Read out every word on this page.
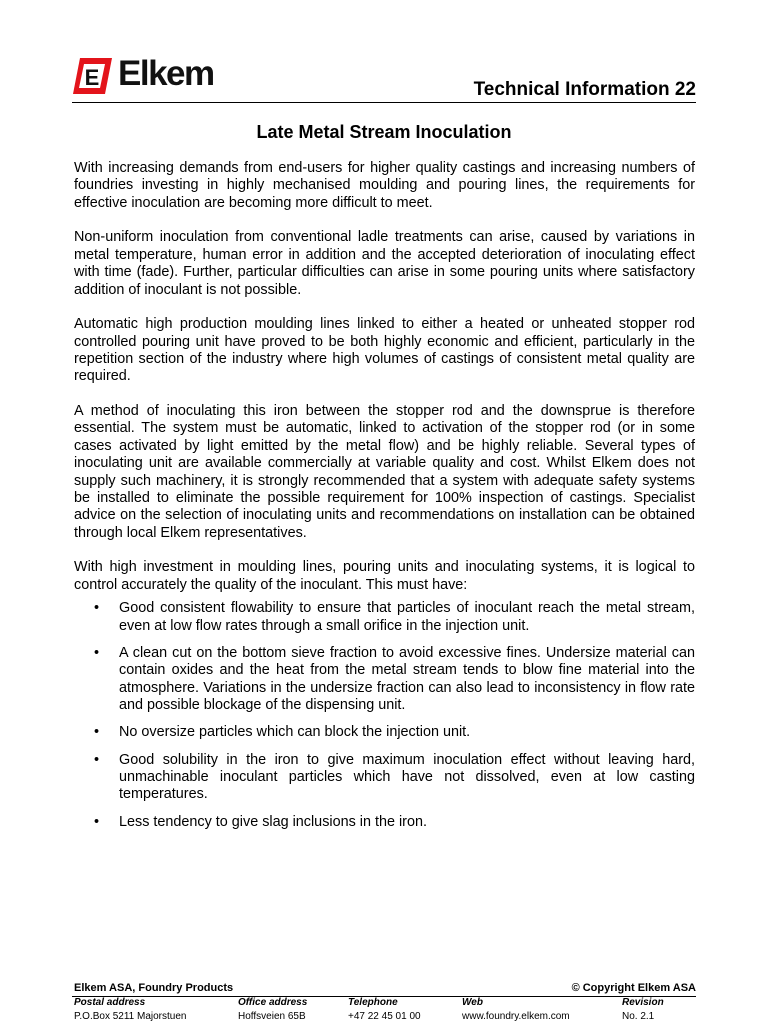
E Elkem	Technical Information 22
Late Metal Stream Inoculation

With increasing demands from end-users for higher quality castings and increasing numbers of foundries investing in highly mechanised moulding and pouring lines, the requirements for effective inoculation are becoming more difficult to meet.

Non-uniform inoculation from conventional ladle treatments can arise, caused by variations in metal temperature, human error in addition and the accepted deterioration of inoculating effect with time (fade). Further, particular difficulties can arise in some pouring units where satisfactory addition of inoculant is not possible.

Automatic high production moulding lines linked to either a heated or unheated stopper rod controlled pouring unit have proved to be both highly economic and efficient, particularly in the repetition section of the industry where high volumes of castings of consistent metal quality are required.

A method of inoculating this iron between the stopper rod and the downsprue is therefore essential. The system must be automatic, linked to activation of the stopper rod (or in some cases activated by light emitted by the metal flow) and be highly reliable. Several types of inoculating unit are available commercially at variable quality and cost. Whilst Elkem does not supply such machinery, it is strongly recommended that a system with adequate safety systems be installed to eliminate the possible requirement for 100% inspection of castings. Specialist advice on the selection of inoculating units and recommendations on installation can be obtained through local Elkem representatives.

With high investment in moulding lines, pouring units and inoculating systems, it is logical to control accurately the quality of the inoculant. This must have:

• Good consistent flowability to ensure that particles of inoculant reach the metal stream, even at low flow rates through a small orifice in the injection unit.
• A clean cut on the bottom sieve fraction to avoid excessive fines. Undersize material can contain oxides and the heat from the metal stream tends to blow fine material into the atmosphere. Variations in the undersize fraction can also lead to inconsistency in flow rate and possible blockage of the dispensing unit.
• No oversize particles which can block the injection unit.
• Good solubility in the iron to give maximum inoculation effect without leaving hard, unmachinable inoculant particles which have not dissolved, even at low casting temperatures.
• Less tendency to give slag inclusions in the iron.
Elkem ASA, Foundry Products	© Copyright Elkem ASA
Postal address
P.O.Box 5211 Majorstuen
Office address
Hoffsveien 65B
Telephone
+47 22 45 01 00
Web
www.foundry.elkem.com
Revision
No. 2.1
